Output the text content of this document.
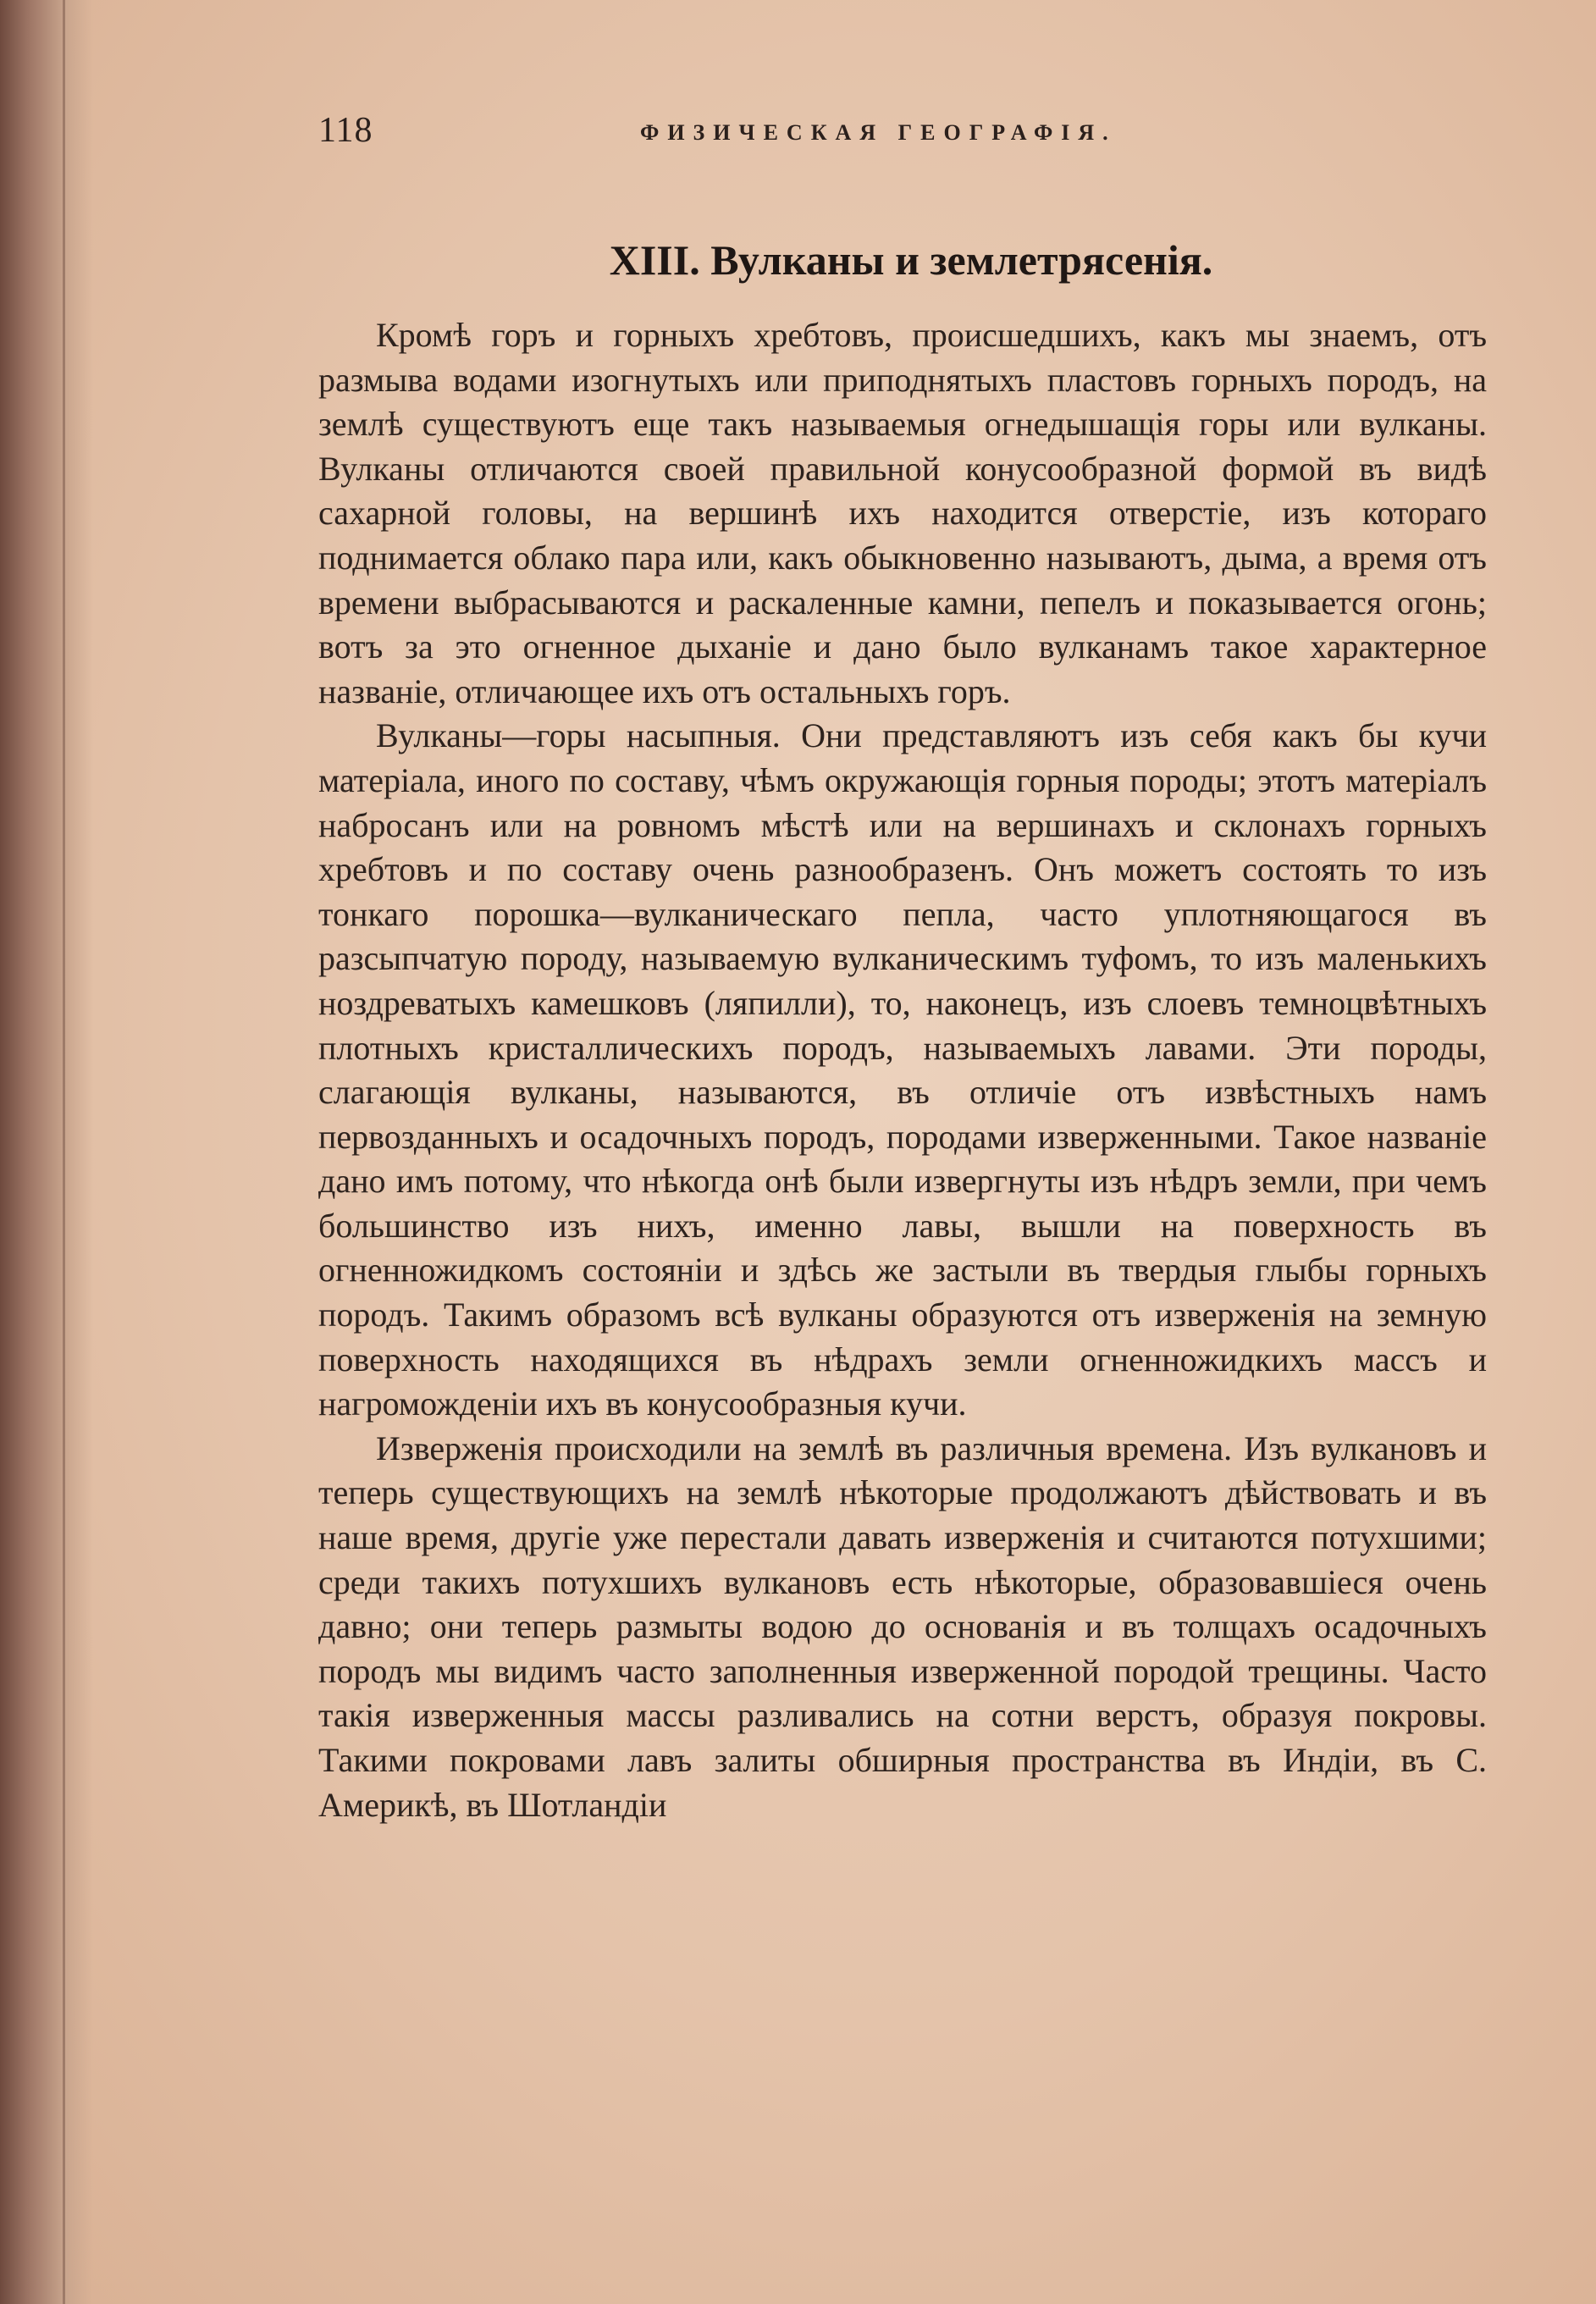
118	ФИЗИЧЕСКАЯ ГЕОГРАФІЯ.
XIII. Вулканы и землетрясенія.

Кромѣ горъ и горныхъ хребтовъ, происшедшихъ, какъ мы знаемъ, отъ размыва водами изогнутыхъ или приподнятыхъ пластовъ горныхъ породъ, на землѣ существуютъ еще такъ называемыя огнедышащія горы или вулканы. Вулканы отличаются своей правильной конусообразной формой въ видѣ сахарной головы, на вершинѣ ихъ находится отверстіе, изъ котораго поднимается облако пара или, какъ обыкновенно называютъ, дыма, а время отъ времени выбрасываются и раскаленные камни, пепелъ и показывается огонь; вотъ за это огненное дыханіе и дано было вулканамъ такое характерное названіе, отличающее ихъ отъ остальныхъ горъ.

Вулканы—горы насыпныя. Они представляютъ изъ себя какъ бы кучи матеріала, иного по составу, чѣмъ окружающія горныя породы; этотъ матеріалъ набросанъ или на ровномъ мѣстѣ или на вершинахъ и склонахъ горныхъ хребтовъ и по составу очень разнообразенъ. Онъ можетъ состоять то изъ тонкаго порошка—вулканическаго пепла, часто уплотняющагося въ разсыпчатую породу, называемую вулканическимъ туфомъ, то изъ маленькихъ ноздреватыхъ камешковъ (ляпилли), то, наконецъ, изъ слоевъ темноцвѣтныхъ плотныхъ кристаллическихъ породъ, называемыхъ лавами. Эти породы, слагающія вулканы, называются, въ отличіе отъ извѣстныхъ намъ первозданныхъ и осадочныхъ породъ, породами изверженными. Такое названіе дано имъ потому, что нѣкогда онѣ были извергнуты изъ нѣдръ земли, при чемъ большинство изъ нихъ, именно лавы, вышли на поверхность въ огненножидкомъ состояніи и здѣсь же застыли въ твердыя глыбы горныхъ породъ. Такимъ образомъ всѣ вулканы образуются отъ изверженія на земную поверхность находящихся въ нѣдрахъ земли огненножидкихъ массъ и нагроможденіи ихъ въ конусообразныя кучи.

Изверженія происходили на землѣ въ различныя времена. Изъ вулкановъ и теперь существующихъ на землѣ нѣкоторые продолжаютъ дѣйствовать и въ наше время, другіе уже перестали давать изверженія и считаются потухшими; среди такихъ потухшихъ вулкановъ есть нѣкоторые, образовавшіеся очень давно; они теперь размыты водою до основанія и въ толщахъ осадочныхъ породъ мы видимъ часто заполненныя изверженной породой трещины. Часто такія изверженныя массы разливались на сотни верстъ, образуя покровы. Такими покровами лавъ залиты обширныя пространства въ Индіи, въ С. Америкѣ, въ Шотландіи
